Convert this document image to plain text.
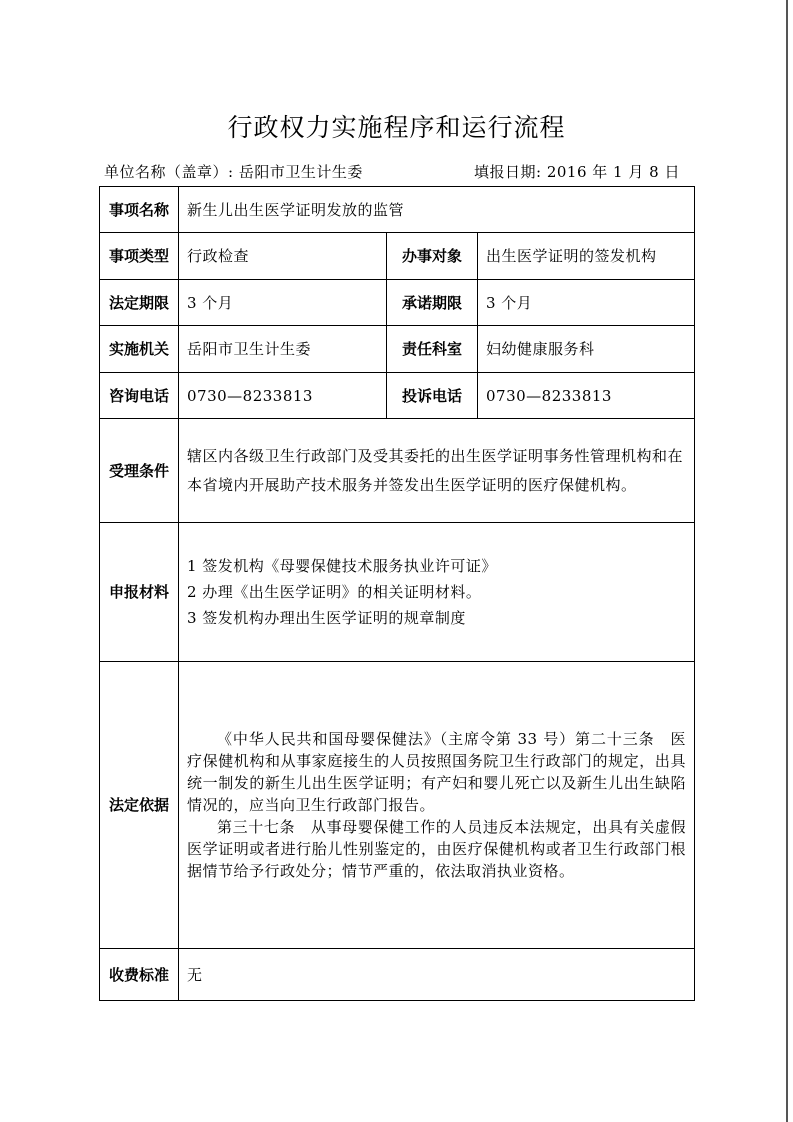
行政权力实施程序和运行流程
单位名称（盖章）: 岳阳市卫生计生委	填报日期: 2016 年 1 月 8 日
事项名称	新生儿出生医学证明发放的监管		
事项类型	行政检查	办事对象	出生医学证明的签发机构
法定期限	3 个月	承诺期限	3 个月
实施机关	岳阳市卫生计生委	责任科室	妇幼健康服务科
咨询电话	0730—8233813	投诉电话	0730—8233813
受理条件	辖区内各级卫生行政部门及受其委托的出生医学证明事务性管理机构和在本省境内开展助产技术服务并签发出生医学证明的医疗保健机构。		

申报材料	1 签发机构《母婴保健技术服务执业许可证》
2 办理《出生医学证明》的相关证明材料。
3 签发机构办理出生医学证明的规章制度		

法定依据	《中华人民共和国母婴保健法》（主席令第 33 号）第二十三条　医疗保健机构和从事家庭接生的人员按照国务院卫生行政部门的规定，出具统一制发的新生儿出生医学证明；有产妇和婴儿死亡以及新生儿出生缺陷情况的，应当向卫生行政部门报告。

第三十七条　从事母婴保健工作的人员违反本法规定，出具有关虚假医学证明或者进行胎儿性别鉴定的，由医疗保健机构或者卫生行政部门根据情节给予行政处分；情节严重的，依法取消执业资格。		

收费标准	无		
